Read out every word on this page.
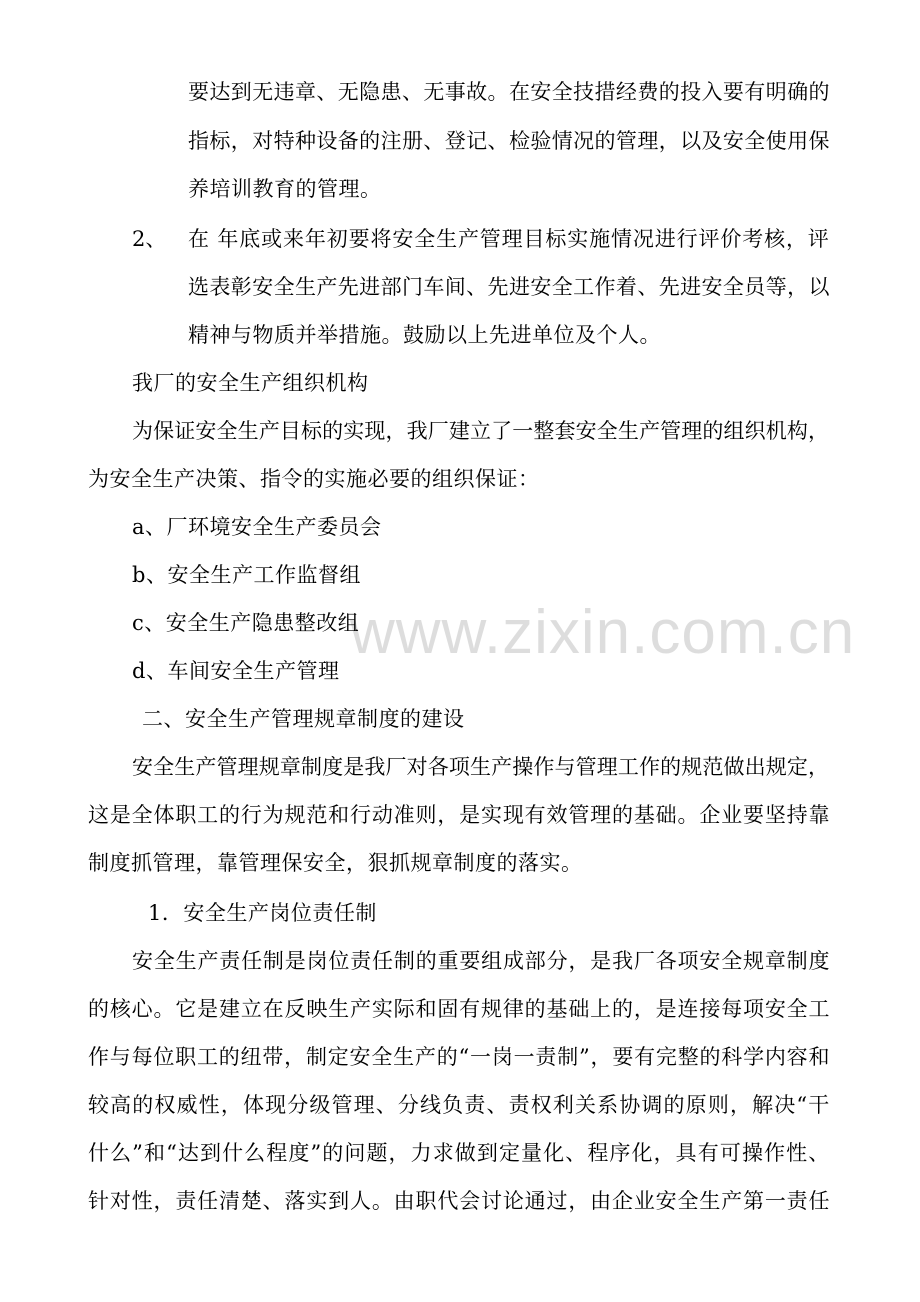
要达到无违章、无隐患、无事故。在安全技措经费的投入要有明确的
指标，对特种设备的注册、登记、检验情况的管理，以及安全使用保
养培训教育的管理。
2、 在 年底或来年初要将安全生产管理目标实施情况进行评价考核，评
选表彰安全生产先进部门车间、先进安全工作着、先进安全员等，以
精神与物质并举措施。鼓励以上先进单位及个人。
我厂的安全生产组织机构
为保证安全生产目标的实现，我厂建立了一整套安全生产管理的组织机构，
为安全生产决策、指令的实施必要的组织保证：
a、厂环境安全生产委员会
b、安全生产工作监督组
c、安全生产隐患整改组
d、车间安全生产管理
二、安全生产管理规章制度的建设
安全生产管理规章制度是我厂对各项生产操作与管理工作的规范做出规定，
这是全体职工的行为规范和行动准则，是实现有效管理的基础。企业要坚持靠
制度抓管理，靠管理保安全，狠抓规章制度的落实。
1．安全生产岗位责任制
安全生产责任制是岗位责任制的重要组成部分，是我厂各项安全规章制度
的核心。它是建立在反映生产实际和固有规律的基础上的，是连接每项安全工
作与每位职工的纽带，制定安全生产的“一岗一责制”，要有完整的科学内容和
较高的权威性，体现分级管理、分线负责、责权利关系协调的原则，解决“干
什么”和“达到什么程度”的问题，力求做到定量化、程序化，具有可操作性、
针对性，责任清楚、落实到人。由职代会讨论通过，由企业安全生产第一责任
www.zixin.com.cn
